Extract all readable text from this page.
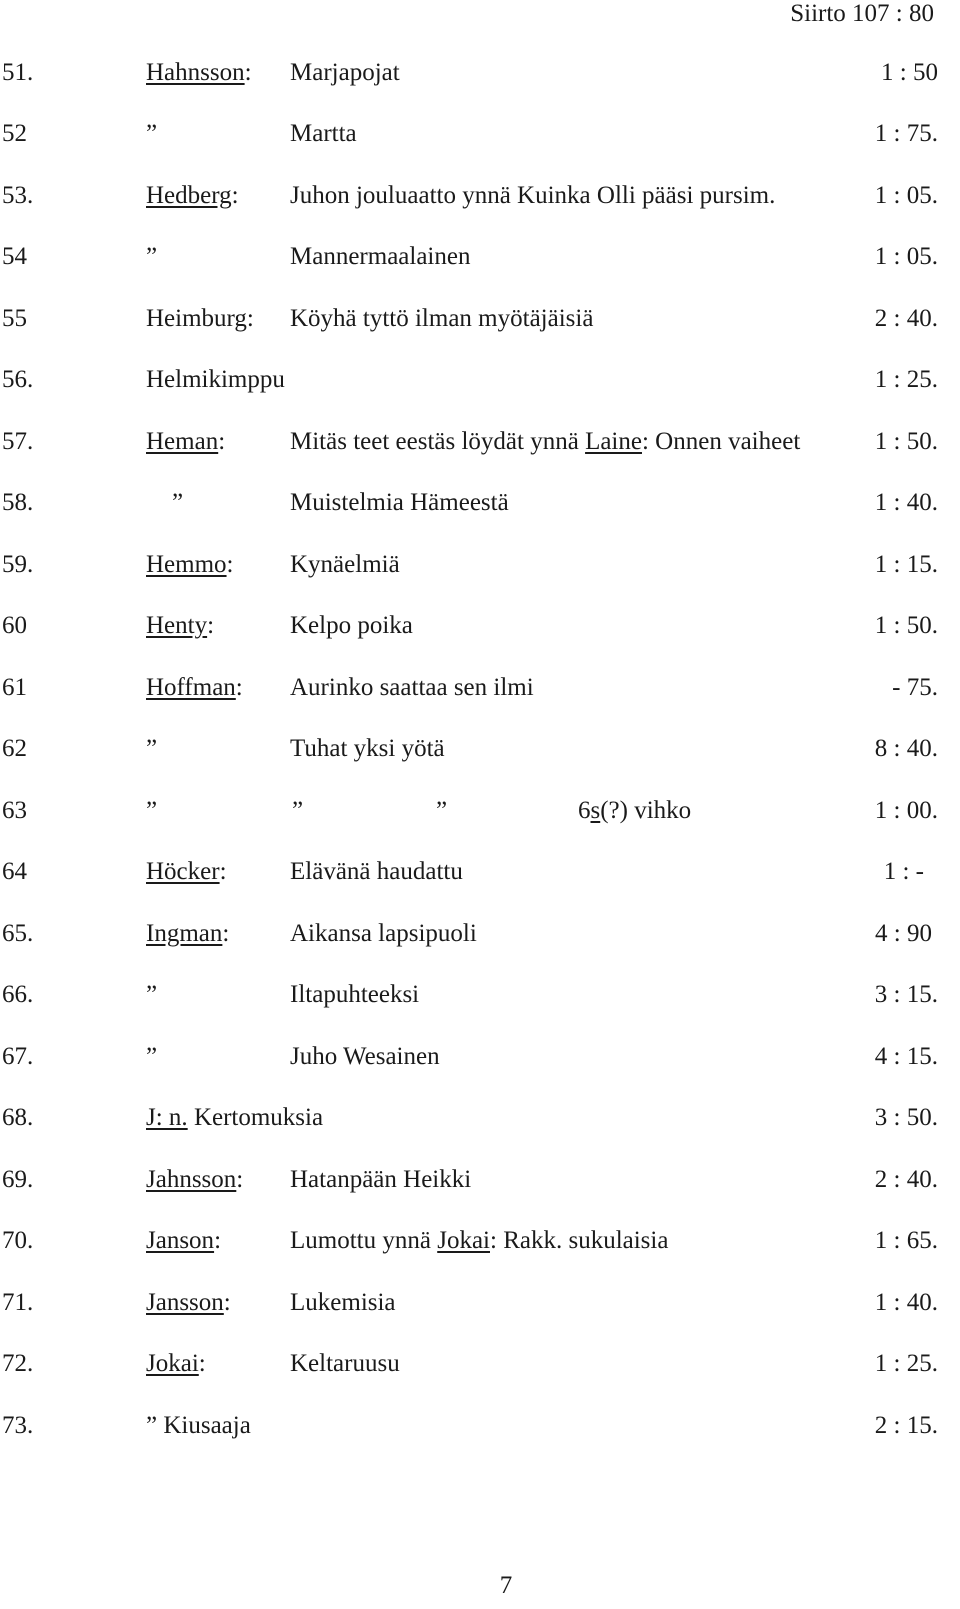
Siirto 107 : 80
51.	Hahnsson: Marjapojat	1 : 50
52	”	Martta	1 : 75.
53.	Hedberg: Juhon jouluaatto ynnä Kuinka Olli pääsi pursim.	1 : 05.
54	”	Mannermaalainen	1 : 05.
55	Heimburg: Köyhä tyttö ilman myötäjäisiä	2 : 40.
56.	Helmikimppu	1 : 25.
57.	Heman:	Mitäs teet eestäs löydät ynnä Laine: Onnen vaiheet	1 : 50.
58.	”	Muistelmia Hämeestä	1 : 40.
59.	Hemmo: Kynäelmiä	1 : 15.
60	Henty:	Kelpo poika	1 : 50.
61	Hoffman: Aurinko saattaa sen ilmi	- 75.
62	”	Tuhat yksi yötä	8 : 40.
63	”	”	”	6s(?) vihko	1 : 00.
64	Höcker:	Elävänä haudattu	1 : -
65.	Ingman: Aikansa lapsipuoli	4 : 90
66.	”	Iltapuhteeksi	3 : 15.
67.	”	Juho Wesainen	4 : 15.
68.	J: n. Kertomuksia	3 : 50.
69.	Jahnsson: Hatanpään Heikki	2 : 40.
70.	Janson:	Lumottu ynnä Jokai: Rakk. sukulaisia	1 : 65.
71.	Jansson: Lukemisia	1 : 40.
72.	Jokai:	Keltaruusu	1 : 25.
73.	” Kiusaaja	2 : 15.
7
